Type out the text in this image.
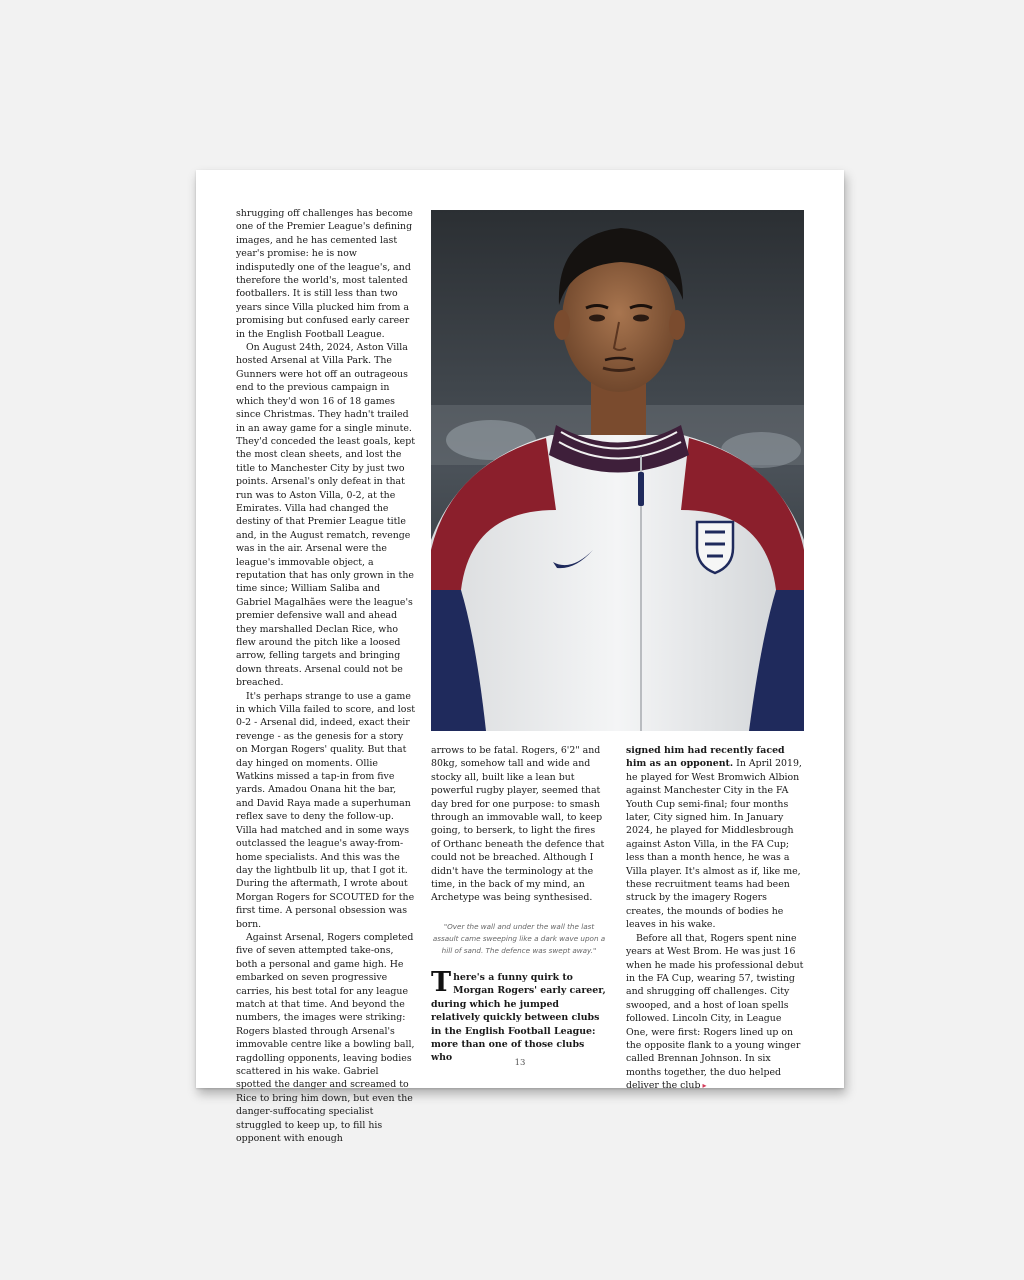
shrugging off challenges has become one of the Premier League's defining images, and he has cemented last year's promise: he is now indisputedly one of the league's, and therefore the world's, most talented footballers. It is still less than two years since Villa plucked him from a promising but confused early career in the English Football League.

On August 24th, 2024, Aston Villa hosted Arsenal at Villa Park. The Gunners were hot off an outrageous end to the previous campaign in which they'd won 16 of 18 games since Christmas. They hadn't trailed in an away game for a single minute. They'd conceded the least goals, kept the most clean sheets, and lost the title to Manchester City by just two points. Arsenal's only defeat in that run was to Aston Villa, 0-2, at the Emirates. Villa had changed the destiny of that Premier League title and, in the August rematch, revenge was in the air. Arsenal were the league's immovable object, a reputation that has only grown in the time since; William Saliba and Gabriel Magalhães were the league's premier defensive wall and ahead they marshalled Declan Rice, who flew around the pitch like a loosed arrow, felling targets and bringing down threats. Arsenal could not be breached.

It's perhaps strange to use a game in which Villa failed to score, and lost 0-2 - Arsenal did, indeed, exact their revenge - as the genesis for a story on Morgan Rogers' quality. But that day hinged on moments. Ollie Watkins missed a tap-in from five yards. Amadou Onana hit the bar, and David Raya made a superhuman reflex save to deny the follow-up. Villa had matched and in some ways outclassed the league's away-from-home specialists. And this was the day the lightbulb lit up, that I got it. During the aftermath, I wrote about Morgan Rogers for SCOUTED for the first time. A personal obsession was born.

Against Arsenal, Rogers completed five of seven attempted take-ons, both a personal and game high. He embarked on seven progressive carries, his best total for any league match at that time. And beyond the numbers, the images were striking: Rogers blasted through Arsenal's immovable centre like a bowling ball, ragdolling opponents, leaving bodies scattered in his wake. Gabriel spotted the danger and screamed to Rice to bring him down, but even the danger-suffocating specialist struggled to keep up, to fill his opponent with enough

arrows to be fatal. Rogers, 6'2" and 80kg, somehow tall and wide and stocky all, built like a lean but powerful rugby player, seemed that day bred for one purpose: to smash through an immovable wall, to keep going, to berserk, to light the fires of Orthanc beneath the defence that could not be breached. Although I didn't have the terminology at the time, in the back of my mind, an Archetype was being synthesised.

"Over the wall and under the wall the last assault came sweeping like a dark wave upon a hill of sand. The defence was swept away."

There's a funny quirk to Morgan Rogers' early career, during which he jumped relatively quickly between clubs in the English Football League: more than one of those clubs who

signed him had recently faced him as an opponent. In April 2019, he played for West Bromwich Albion against Manchester City in the FA Youth Cup semi-final; four months later, City signed him. In January 2024, he played for Middlesbrough against Aston Villa, in the FA Cup; less than a month hence, he was a Villa player. It's almost as if, like me, these recruitment teams had been struck by the imagery Rogers creates, the mounds of bodies he leaves in his wake.

Before all that, Rogers spent nine years at West Brom. He was just 16 when he made his professional debut in the FA Cup, wearing 57, twisting and shrugging off challenges. City swooped, and a host of loan spells followed. Lincoln City, in League One, were first: Rogers lined up on the opposite flank to a young winger called Brennan Johnson. In six months together, the duo helped deliver the club ▸

13
